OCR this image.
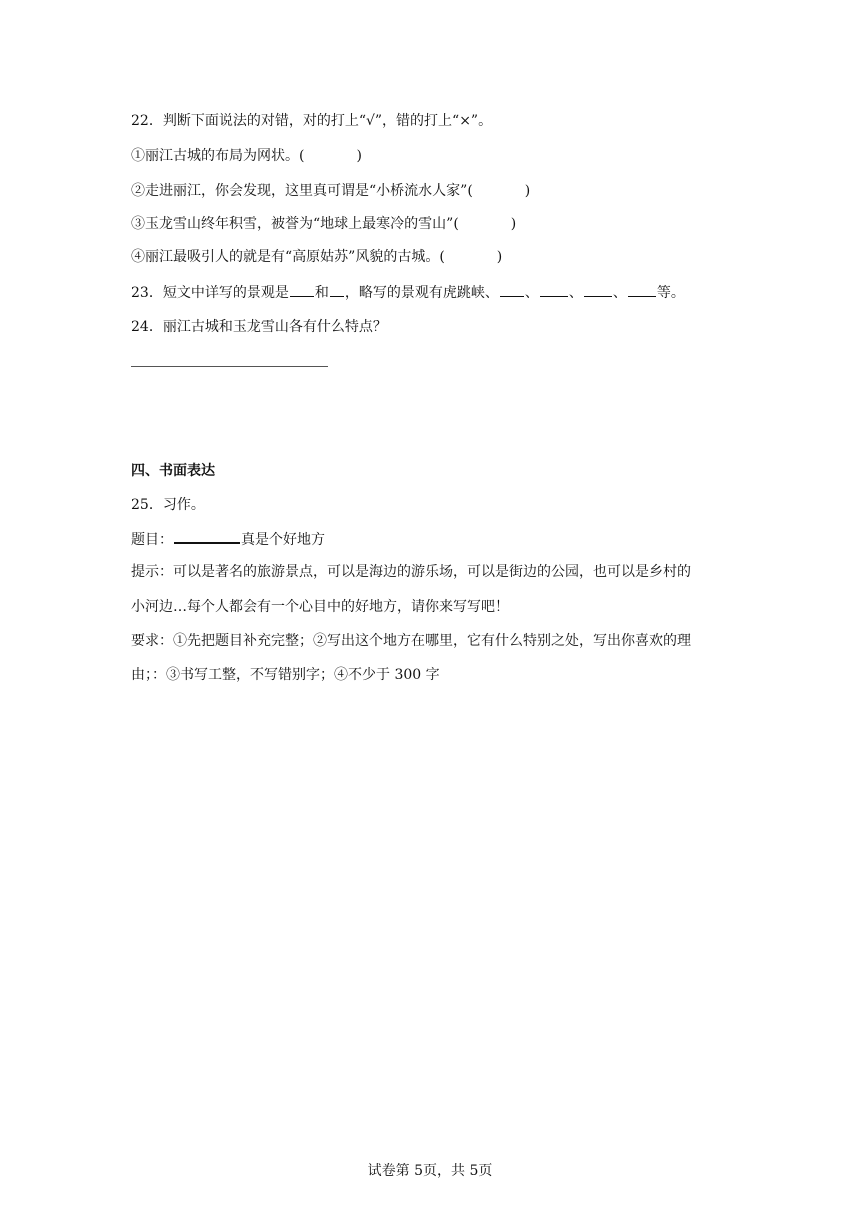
22．判断下面说法的对错，对的打上“√”，错的打上“×”。
①丽江古城的布局为网状。(	)
②走进丽江，你会发现，这里真可谓是“小桥流水人家”(	)
③玉龙雪山终年积雪，被誉为“地球上最寒冷的雪山”(	)
④丽江最吸引人的就是有“高原姑苏”风貌的古城。(	)
23．短文中详写的景观是 和 ，略写的景观有虎跳峡、 、 、 、 等。
24．丽江古城和玉龙雪山各有什么特点？
四、书面表达
25．习作。
题目：	真是个好地方
提示：可以是著名的旅游景点，可以是海边的游乐场，可以是街边的公园，也可以是乡村的
小河边…每个人都会有一个心目中的好地方，请你来写写吧！
要求：①先把题目补充完整；②写出这个地方在哪里，它有什么特别之处，写出你喜欢的理
由；：③书写工整，不写错别字；④不少于 300 字
试卷第 5页，共 5页
